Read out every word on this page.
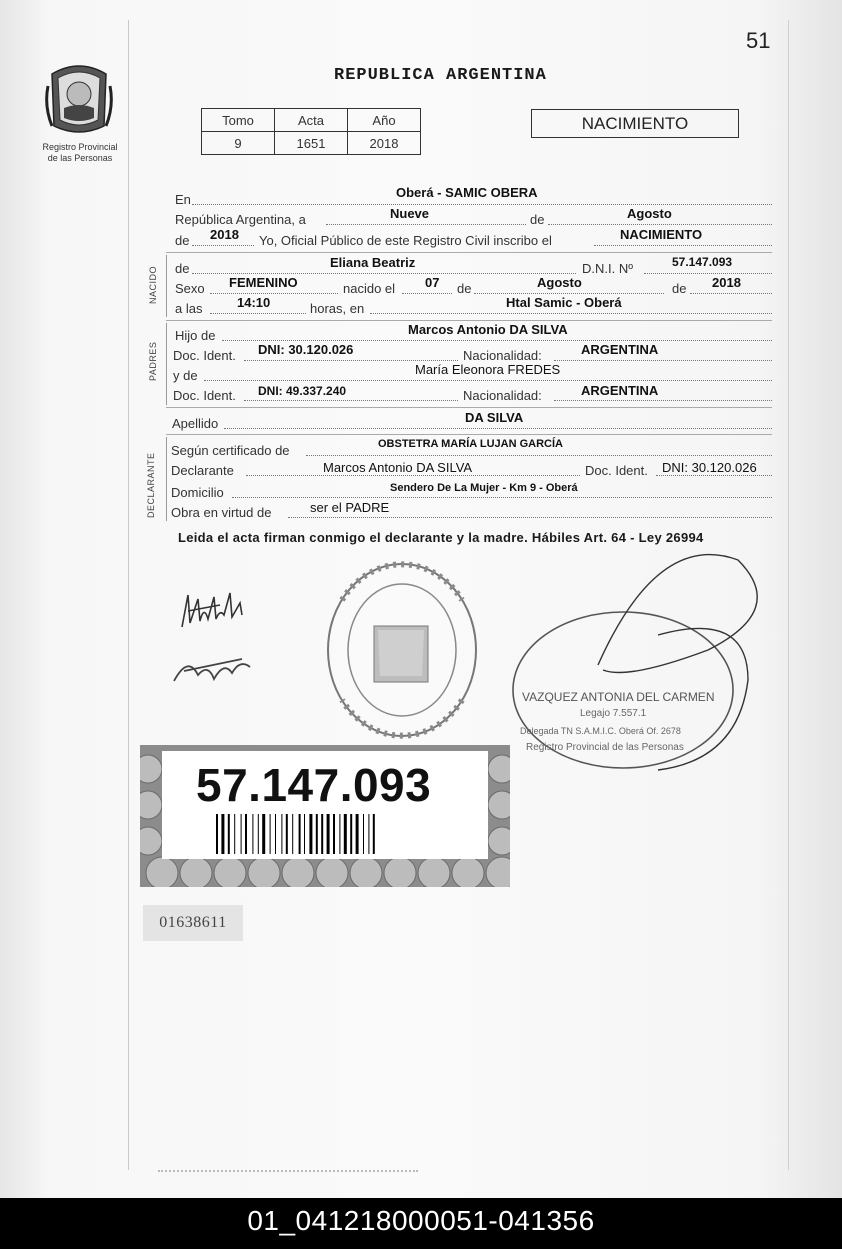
51
Registro Provincial
de las Personas
REPUBLICA ARGENTINA
Tomo	Acta	Año
9	1651	2018
NACIMIENTO
En	Oberá - SAMIC OBERA
República Argentina, a	Nueve	de	Agosto
de 2018 Yo, Oficial Público de este Registro Civil inscribo el	NACIMIENTO
NACIDO de	Eliana Beatriz	D.N.I. Nº	57.147.093
Sexo FEMENINO	nacido el 07 de	Agosto	de 2018
a las	14:10	horas, en	Htal Samic - Oberá
PADRES
Hijo de	Marcos Antonio DA SILVA
Doc. Ident. DNI: 30.120.026	Nacionalidad:	ARGENTINA
y de	María Eleonora FREDES
Doc. Ident. DNI: 49.337.240	Nacionalidad:	ARGENTINA
Apellido	DA SILVA
DECLARANTE
Según certificado de	OBSTETRA MARÍA LUJAN GARCÍA
Declarante	Marcos Antonio DA SILVA	Doc. Ident. DNI: 30.120.026
Domicilio	Sendero De La Mujer - Km 9 - Oberá
Obra en virtud de	ser el PADRE
Leida el acta firman conmigo el declarante y la madre. Hábiles Art. 64 - Ley 26994
VAZQUEZ ANTONIA DEL CARMEN
Legajo 7.557.1
Delegada TN S.A.M.I.C. Oberá Of. 2678
Registro Provincial de las Personas
57.147.093
01638611
01_041218000051-041356
